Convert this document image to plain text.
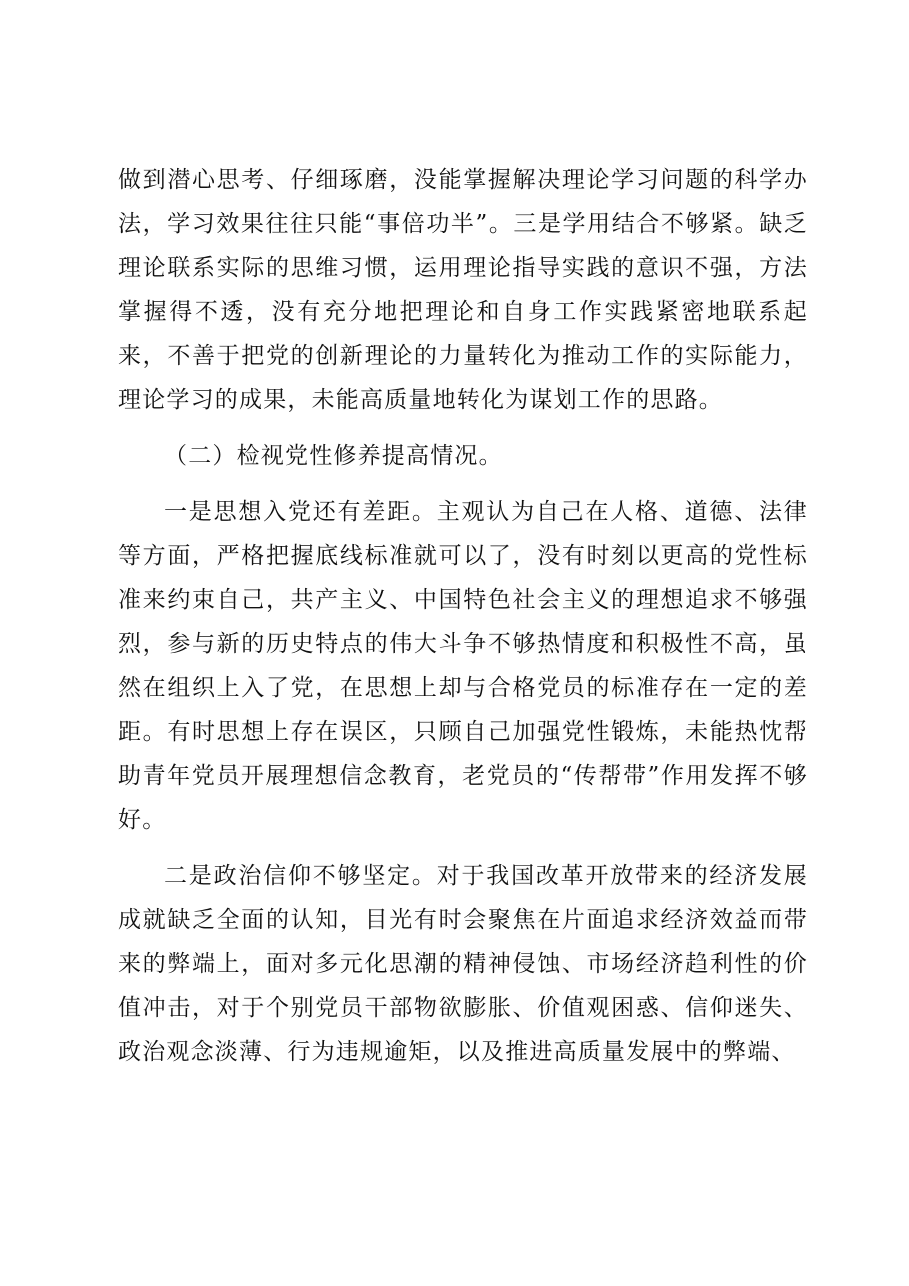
做到潜心思考、仔细琢磨，没能掌握解决理论学习问题的科学办法，学习效果往往只能“事倍功半”。三是学用结合不够紧。缺乏理论联系实际的思维习惯，运用理论指导实践的意识不强，方法掌握得不透，没有充分地把理论和自身工作实践紧密地联系起来，不善于把党的创新理论的力量转化为推动工作的实际能力，理论学习的成果，未能高质量地转化为谋划工作的思路。

（二）检视党性修养提高情况。

一是思想入党还有差距。主观认为自己在人格、道德、法律等方面，严格把握底线标准就可以了，没有时刻以更高的党性标准来约束自己，共产主义、中国特色社会主义的理想追求不够强烈，参与新的历史特点的伟大斗争不够热情度和积极性不高，虽然在组织上入了党，在思想上却与合格党员的标准存在一定的差距。有时思想上存在误区，只顾自己加强党性锻炼，未能热忱帮助青年党员开展理想信念教育，老党员的“传帮带”作用发挥不够好。

二是政治信仰不够坚定。对于我国改革开放带来的经济发展成就缺乏全面的认知，目光有时会聚焦在片面追求经济效益而带来的弊端上，面对多元化思潮的精神侵蚀、市场经济趋利性的价值冲击，对于个别党员干部物欲膨胀、价值观困惑、信仰迷失、政治观念淡薄、行为违规逾矩，以及推进高质量发展中的弊端、
